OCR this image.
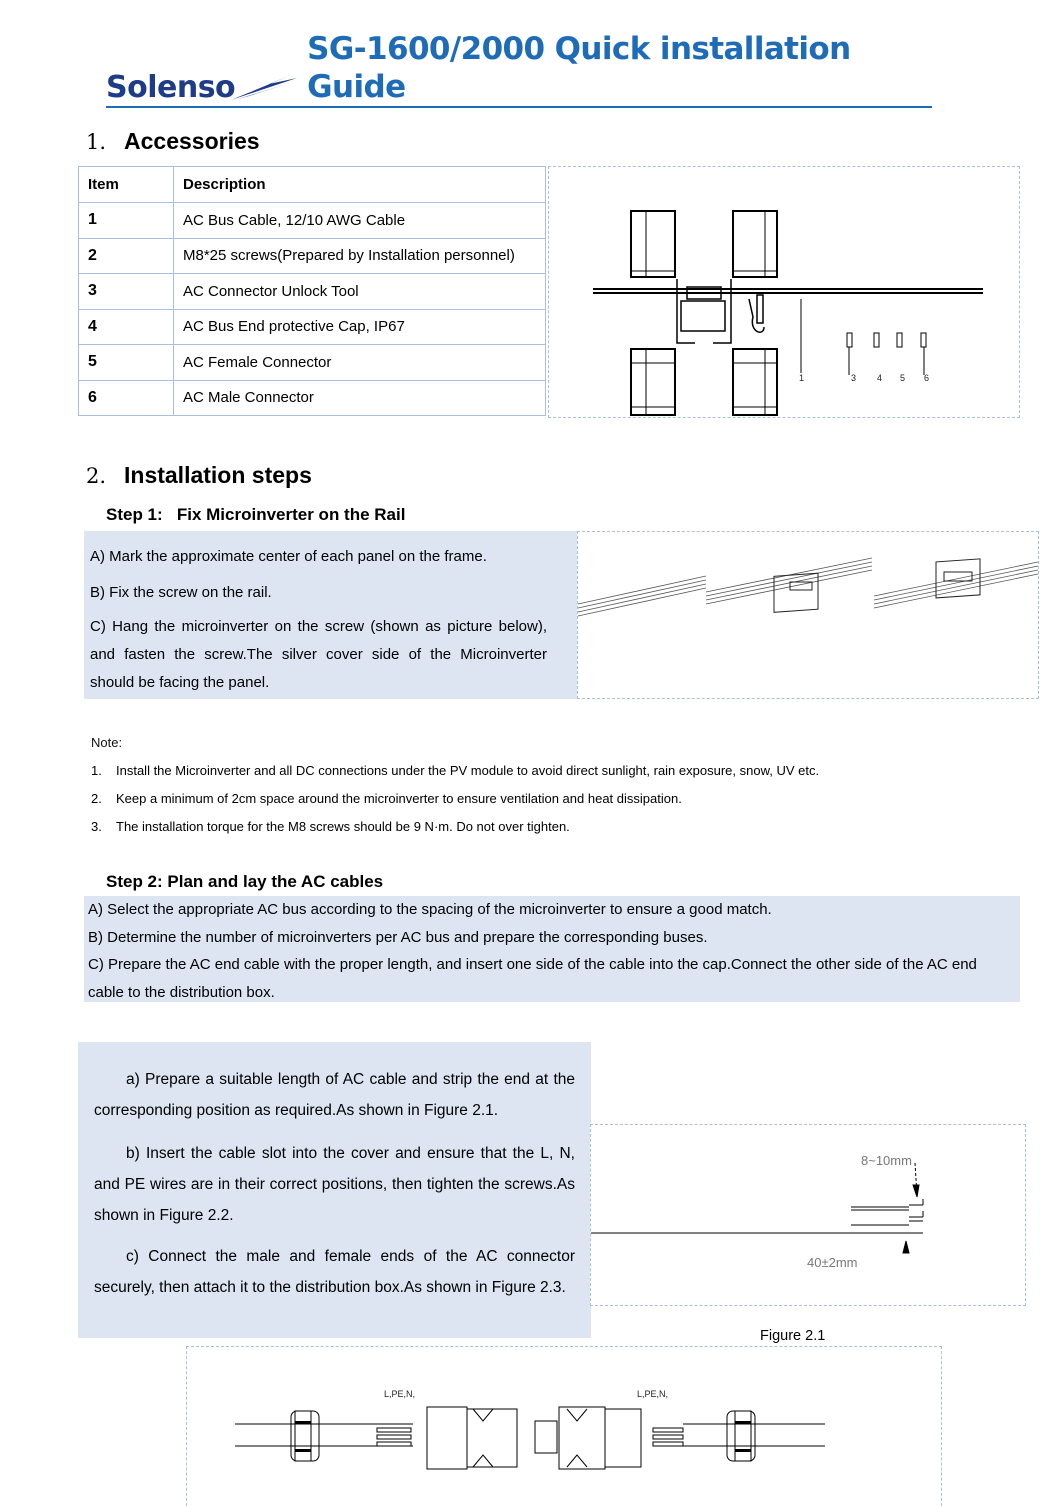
Solenso
SG-1600/2000 Quick installation Guide
1. Accessories
Item	Description
1	AC Bus Cable, 12/10 AWG Cable
2	M8*25 screws(Prepared by Installation personnel)
3	AC Connector Unlock Tool
4	AC Bus End protective Cap, IP67
5	AC Female Connector
6	AC Male Connector
1	3 4 5 6
2. Installation steps
Step 1:   Fix Microinverter on the Rail
A) Mark the approximate center of each panel on the frame.
B) Fix the screw on the rail.
C) Hang the microinverter on the screw (shown as picture below), and fasten the screw.The silver cover side of the Microinverter should be facing the panel.
Note:
1.	Install the Microinverter and all DC connections under the PV module to avoid direct sunlight, rain exposure, snow, UV etc.
2.	Keep a minimum of 2cm space around the microinverter to ensure ventilation and heat dissipation.
3.	The installation torque for the M8 screws should be 9 N·m. Do not over tighten.
Step 2: Plan and lay the AC cables
A) Select the appropriate AC bus according to the spacing of the microinverter to ensure a good match.
B) Determine the number of microinverters per AC bus and prepare the corresponding buses.
C) Prepare the AC end cable with the proper length, and insert one side of the cable into the cap.Connect the other side of the AC end cable to the distribution box.
a) Prepare a suitable length of AC cable and strip the end at the corresponding position as required.As shown in Figure 2.1.
b) Insert the cable slot into the cover and ensure that the L, N, and PE wires are in their correct positions, then tighten the screws.As shown in Figure 2.2.
c) Connect the male and female ends of the AC connector securely, then attach it to the distribution box.As shown in Figure 2.3.
8~10mm
40±2mm
Figure 2.1
L,PE,N,	L,PE,N,
